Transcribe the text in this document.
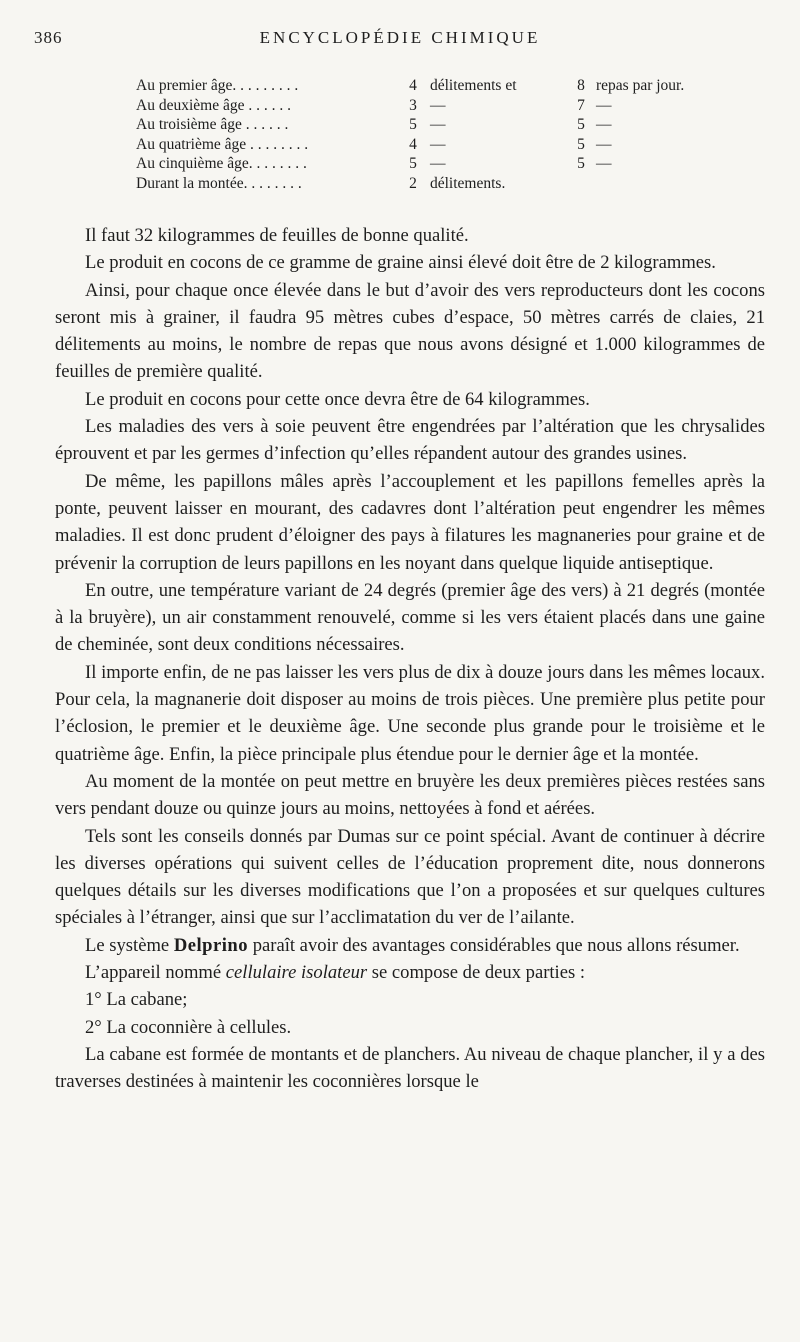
386	ENCYCLOPÉDIE CHIMIQUE
Au premier âge. . . . . . . . .	4	délitements et	8	repas par jour.
Au deuxième âge . . . . . .	3	—	7	—
Au troisième âge . . . . . .	5	—	5	—
Au quatrième âge . . . . . . . .	4	—	5	—
Au cinquième âge. . . . . . . .	5	—	5	—
Durant la montée. . . . . . . .	2	délitements.		

Il faut 32 kilogrammes de feuilles de bonne qualité.

Le produit en cocons de ce gramme de graine ainsi élevé doit être de 2 kilogrammes.

Ainsi, pour chaque once élevée dans le but d’avoir des vers reproducteurs dont les cocons seront mis à grainer, il faudra 95 mètres cubes d’espace, 50 mètres carrés de claies, 21 délitements au moins, le nombre de repas que nous avons désigné et 1.000 kilogrammes de feuilles de première qualité.

Le produit en cocons pour cette once devra être de 64 kilogrammes.

Les maladies des vers à soie peuvent être engendrées par l’altération que les chrysalides éprouvent et par les germes d’infection qu’elles répandent autour des grandes usines.

De même, les papillons mâles après l’accouplement et les papillons femelles après la ponte, peuvent laisser en mourant, des cadavres dont l’altération peut engendrer les mêmes maladies. Il est donc prudent d’éloigner des pays à filatures les magnaneries pour graine et de prévenir la corruption de leurs papillons en les noyant dans quelque liquide antiseptique.

En outre, une température variant de 24 degrés (premier âge des vers) à 21 degrés (montée à la bruyère), un air constamment renouvelé, comme si les vers étaient placés dans une gaine de cheminée, sont deux conditions nécessaires.

Il importe enfin, de ne pas laisser les vers plus de dix à douze jours dans les mêmes locaux. Pour cela, la magnanerie doit disposer au moins de trois pièces. Une première plus petite pour l’éclosion, le premier et le deuxième âge. Une seconde plus grande pour le troisième et le quatrième âge. Enfin, la pièce principale plus étendue pour le dernier âge et la montée.

Au moment de la montée on peut mettre en bruyère les deux premières pièces restées sans vers pendant douze ou quinze jours au moins, nettoyées à fond et aérées.

Tels sont les conseils donnés par Dumas sur ce point spécial. Avant de continuer à décrire les diverses opérations qui suivent celles de l’éducation proprement dite, nous donnerons quelques détails sur les diverses modifications que l’on a proposées et sur quelques cultures spéciales à l’étranger, ainsi que sur l’acclimatation du ver de l’ailante.

Le système Delprino paraît avoir des avantages considérables que nous allons résumer.

L’appareil nommé cellulaire isolateur se compose de deux parties :

1° La cabane;

2° La coconnière à cellules.

La cabane est formée de montants et de planchers. Au niveau de chaque plancher, il y a des traverses destinées à maintenir les coconnières lorsque le
